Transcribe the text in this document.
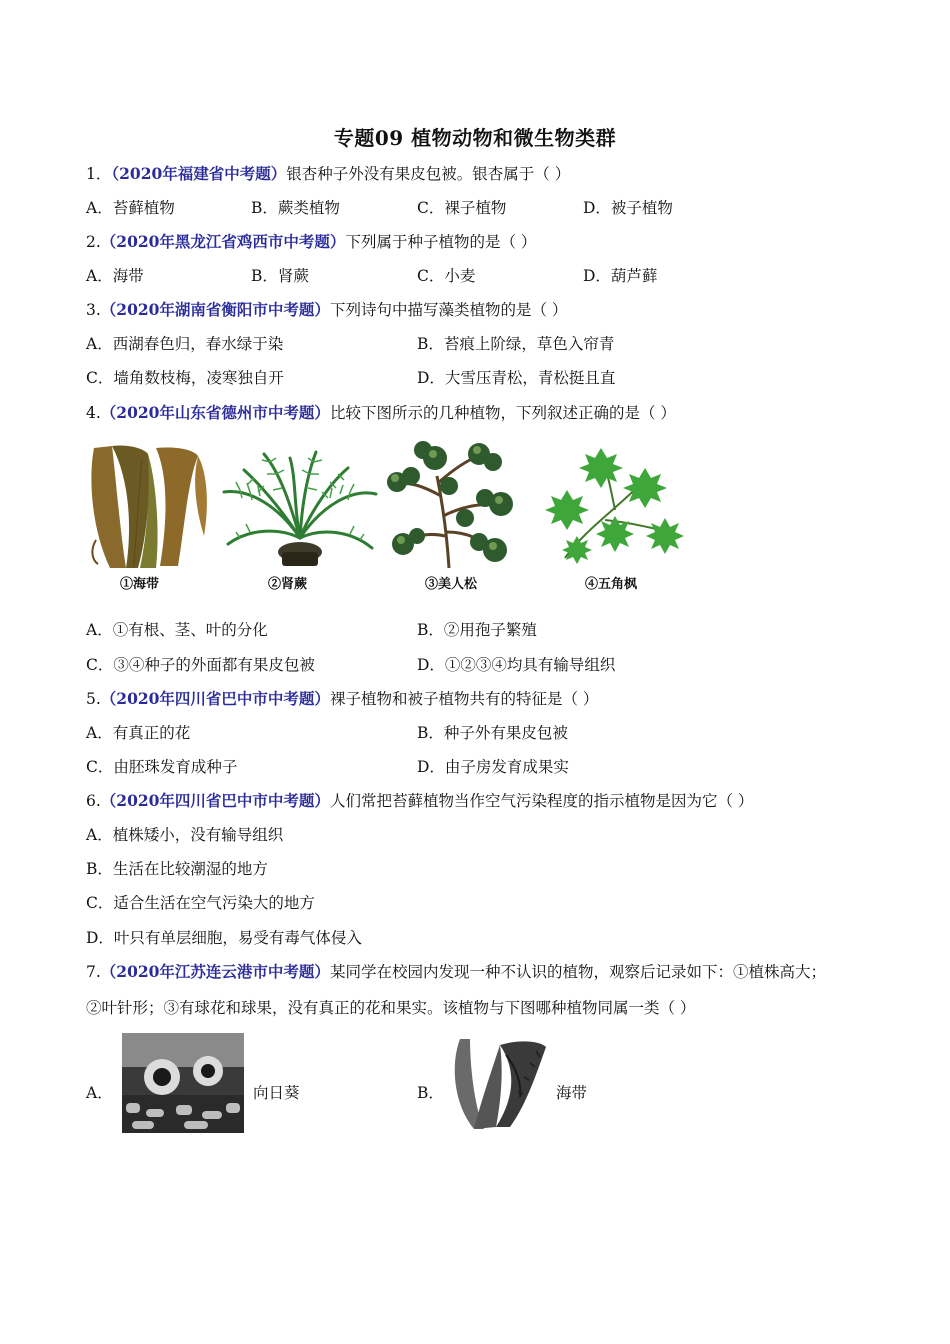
专题09 植物动物和微生物类群
1．（2020年福建省中考题）银杏种子外没有果皮包被。银杏属于（ ）
A．苔藓植物	B．蕨类植物	C．裸子植物	D．被子植物
2.（2020年黑龙江省鸡西市中考题）下列属于种子植物的是（ ）
A．海带	B．肾蕨	C．小麦	D．葫芦藓
3.（2020年湖南省衡阳市中考题）下列诗句中描写藻类植物的是（ ）
A．西湖春色归，春水绿于染	B．苔痕上阶绿，草色入帘青
C．墙角数枝梅，凌寒独自开	D．大雪压青松，青松挺且直
4.（2020年山东省德州市中考题）比较下图所示的几种植物，下列叙述正确的是（ ）
①海带	②肾蕨	③美人松	④五角枫
A．①有根、茎、叶的分化	B．②用孢子繁殖
C．③④种子的外面都有果皮包被	D．①②③④均具有输导组织
5.（2020年四川省巴中市中考题）裸子植物和被子植物共有的特征是（ ）
A．有真正的花	B．种子外有果皮包被
C．由胚珠发育成种子	D．由子房发育成果实
6.（2020年四川省巴中市中考题）人们常把苔藓植物当作空气污染程度的指示植物是因为它（ ）
A．植株矮小，没有输导组织
B．生活在比较潮湿的地方
C．适合生活在空气污染大的地方
D．叶只有单层细胞，易受有毒气体侵入
7.（2020年江苏连云港市中考题）某同学在校园内发现一种不认识的植物，观察后记录如下：①植株高大；
②叶针形；③有球花和球果，没有真正的花和果实。该植物与下图哪种植物同属一类（ ）
A．	向日葵	B．	海带
